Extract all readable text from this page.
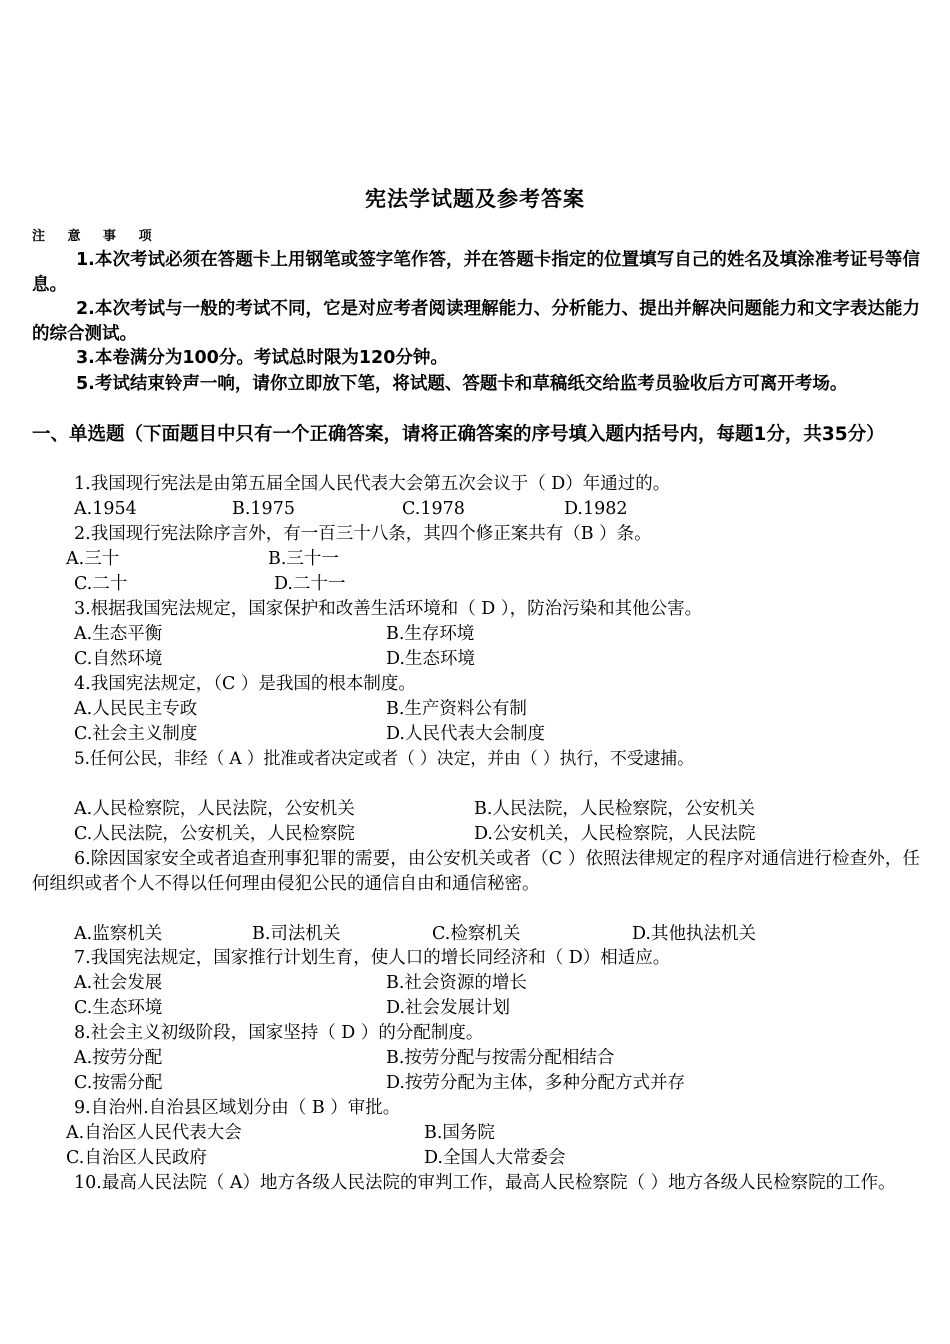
宪法学试题及参考答案
注 意 事 项
1.本次考试必须在答题卡上用钢笔或签字笔作答，并在答题卡指定的位置填写自己的姓名及填涂准考证号等信息。
2.本次考试与一般的考试不同，它是对应考者阅读理解能力、分析能力、提出并解决问题能力和文字表达能力的综合测试。
3.本卷满分为100分。考试总时限为120分钟。
5.考试结束铃声一响，请你立即放下笔，将试题、答题卡和草稿纸交给监考员验收后方可离开考场。
一、单选题（下面题目中只有一个正确答案，请将正确答案的序号填入题内括号内，每题1分，共35分）
1.我国现行宪法是由第五届全国人民代表大会第五次会议于（ D）年通过的。
A.1954	B.1975	C.1978	D.1982
2.我国现行宪法除序言外，有一百三十八条，其四个修正案共有（B ）条。
A.三十	B.三十一
C.二十	D.二十一
3.根据我国宪法规定，国家保护和改善生活环境和（ D ），防治污染和其他公害。
A.生态平衡	B.生存环境
C.自然环境	D.生态环境
4.我国宪法规定，（C ）是我国的根本制度。
A.人民民主专政	B.生产资料公有制
C.社会主义制度	D.人民代表大会制度
5.任何公民，非经（ A ）批准或者决定或者（ ）决定，并由（ ）执行，不受逮捕。
A.人民检察院，人民法院，公安机关	B.人民法院，人民检察院，公安机关
C.人民法院，公安机关，人民检察院	D.公安机关，人民检察院，人民法院
6.除因国家安全或者追查刑事犯罪的需要，由公安机关或者（C ）依照法律规定的程序对通信进行检查外，任何组织或者个人不得以任何理由侵犯公民的通信自由和通信秘密。
A.监察机关	B.司法机关	C.检察机关	D.其他执法机关
7.我国宪法规定，国家推行计划生育，使人口的增长同经济和（ D）相适应。
A.社会发展	B.社会资源的增长
C.生态环境	D.社会发展计划
8.社会主义初级阶段，国家坚持（ D ）的分配制度。
A.按劳分配	B.按劳分配与按需分配相结合
C.按需分配	D.按劳分配为主体，多种分配方式并存
9.自治州.自治县区域划分由（ B ）审批。
A.自治区人民代表大会	B.国务院
C.自治区人民政府	D.全国人大常委会
10.最高人民法院（ A）地方各级人民法院的审判工作，最高人民检察院（ ）地方各级人民检察院的工作。
